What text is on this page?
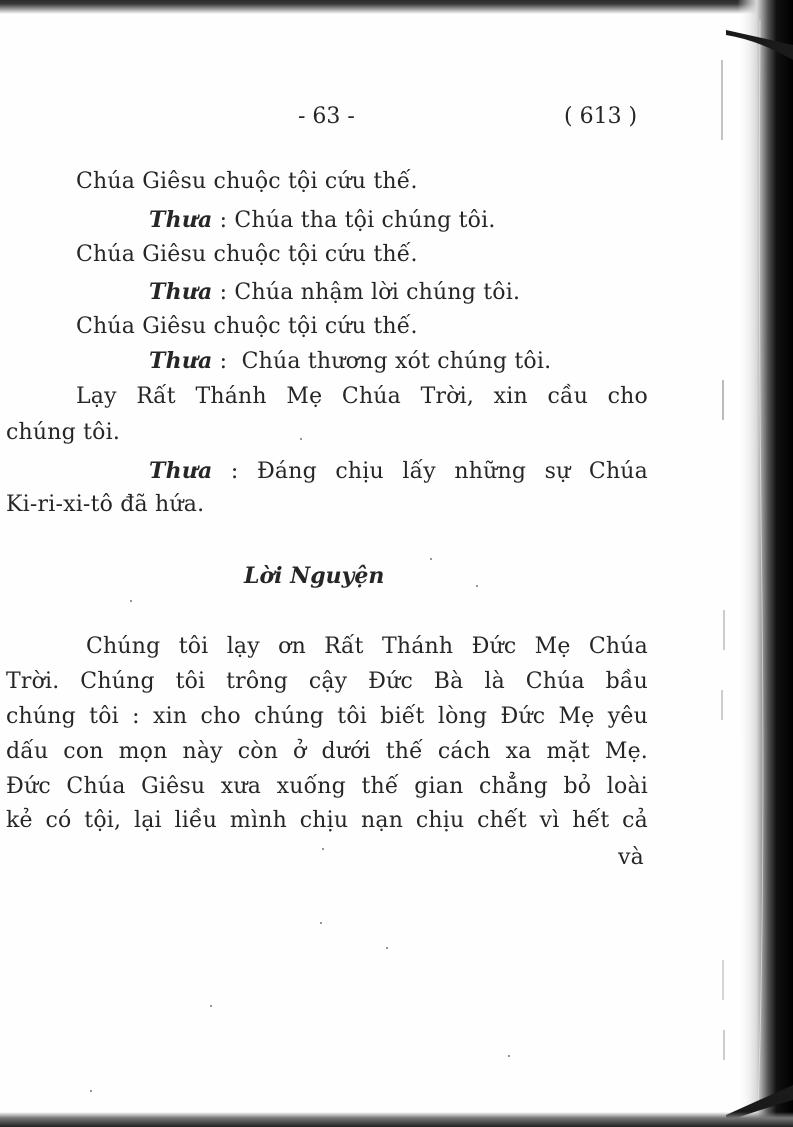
- 63 -	( 613 )
Chúa Giêsu chuộc tội cứu thế.
Thưa : Chúa tha tội chúng tôi.
Chúa Giêsu chuộc tội cứu thế.
Thưa : Chúa nhậm lời chúng tôi.
Chúa Giêsu chuộc tội cứu thế.
Thưa :  Chúa thương xót chúng tôi.
Lạy Rất Thánh Mẹ Chúa Trời, xin cầu cho
chúng tôi.
Thưa : Đáng chịu lấy những sự Chúa
Ki-ri-xi-tô đã hứa.
Lời Nguyện
Chúng tôi lạy ơn Rất Thánh Đức Mẹ Chúa
Trời. Chúng tôi trông cậy Đức Bà là Chúa bầu
chúng tôi : xin cho chúng tôi biết lòng Đức Mẹ yêu
dấu con mọn này còn ở dưới thế cách xa mặt Mẹ.
Đức Chúa Giêsu xưa xuống thế gian chẳng bỏ loài
kẻ có tội, lại liều mình chịu nạn chịu chết vì hết cả
và
